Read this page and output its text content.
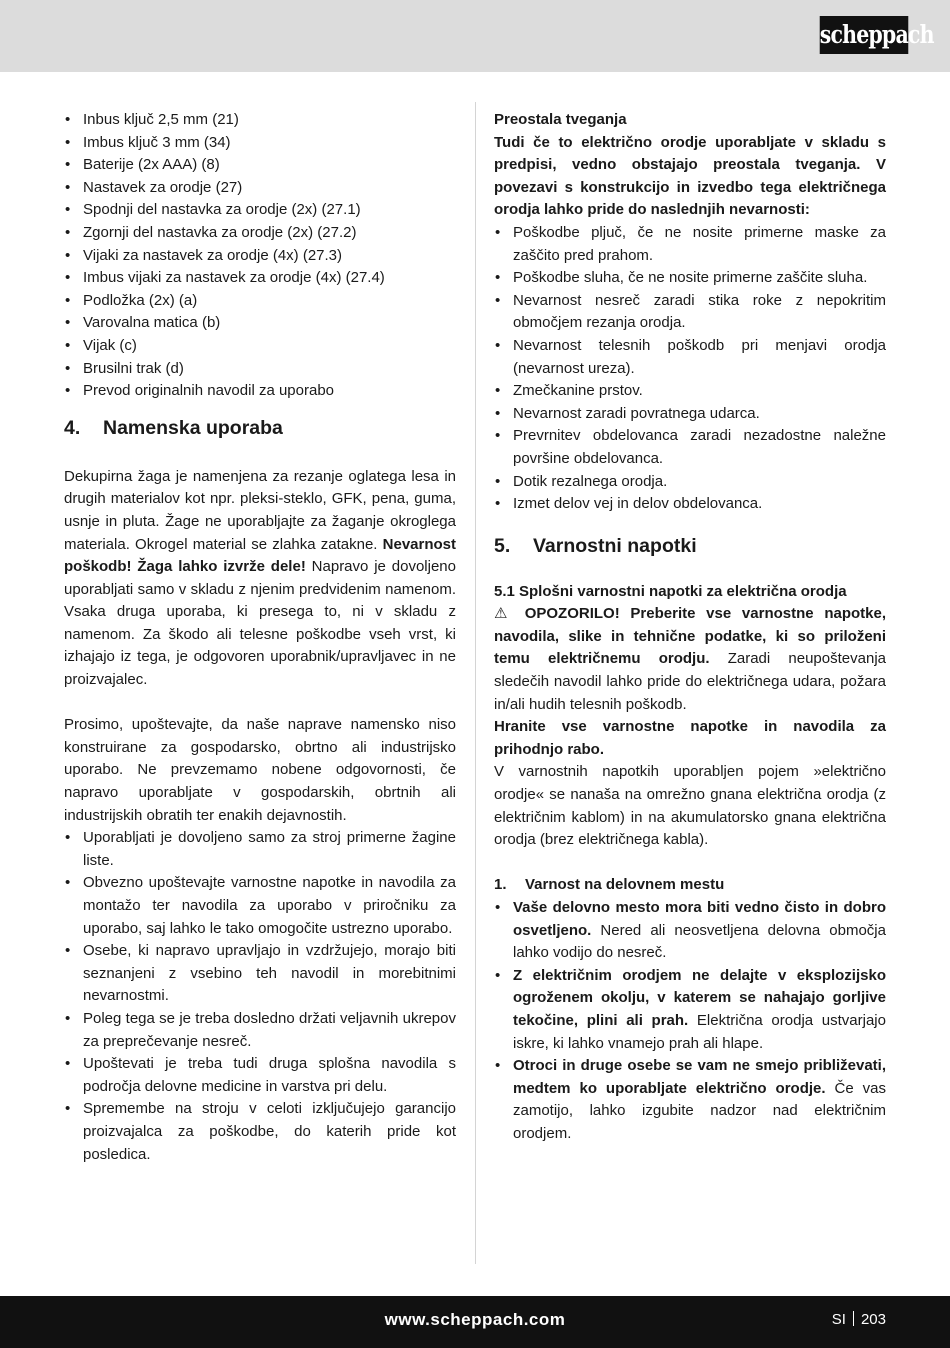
scheppach
• Inbus ključ 2,5 mm (21)
• Imbus ključ 3 mm (34)
• Baterije (2x AAA) (8)
• Nastavek za orodje (27)
• Spodnji del nastavka za orodje (2x) (27.1)
• Zgornji del nastavka za orodje (2x) (27.2)
• Vijaki za nastavek za orodje (4x) (27.3)
• Imbus vijaki za nastavek za orodje (4x) (27.4)
• Podložka (2x) (a)
• Varovalna matica (b)
• Vijak (c)
• Brusilni trak (d)
• Prevod originalnih navodil za uporabo
4. Namenska uporaba
Dekupirna žaga je namenjena za rezanje oglatega lesa in drugih materialov kot npr. pleksi-steklo, GFK, pena, guma, usnje in pluta. Žage ne uporabljajte za žaganje okroglega materiala. Okrogel material se zlahka zatakne. Nevarnost poškodb! Žaga lahko izvrže dele! Napravo je dovoljeno uporabljati samo v skladu z njenim predvidenim namenom. Vsaka druga uporaba, ki presega to, ni v skladu z namenom. Za škodo ali telesne poškodbe vseh vrst, ki izhajajo iz tega, je odgovoren uporabnik/upravljavec in ne proizvajalec.
Prosimo, upoštevajte, da naše naprave namensko niso konstruirane za gospodarsko, obrtno ali industrijsko uporabo. Ne prevzemamo nobene odgovornosti, če napravo uporabljate v gospodarskih, obrtnih ali industrijskih obratih ter enakih dejavnostih.
• Uporabljati je dovoljeno samo za stroj primerne žagine liste.
• Obvezno upoštevajte varnostne napotke in navodila za montažo ter navodila za uporabo v priročniku za uporabo, saj lahko le tako omogočite ustrezno uporabo.
• Osebe, ki napravo upravljajo in vzdržujejo, morajo biti seznanjeni z vsebino teh navodil in morebitnimi nevarnostmi.
• Poleg tega se je treba dosledno držati veljavnih ukrepov za preprečevanje nesreč.
• Upoštevati je treba tudi druga splošna navodila s področja delovne medicine in varstva pri delu.
• Spremembe na stroju v celoti izključujejo garancijo proizvajalca za poškodbe, do katerih pride kot posledica.
Preostala tveganja
Tudi če to električno orodje uporabljate v skladu s predpisi, vedno obstajajo preostala tveganja. V povezavi s konstrukcijo in izvedbo tega električnega orodja lahko pride do naslednjih nevarnosti:
• Poškodbe pljuč, če ne nosite primerne maske za zaščito pred prahom.
• Poškodbe sluha, če ne nosite primerne zaščite sluha.
• Nevarnost nesreč zaradi stika roke z nepokritim območjem rezanja orodja.
• Nevarnost telesnih poškodb pri menjavi orodja (nevarnost ureza).
• Zmečkanine prstov.
• Nevarnost zaradi povratnega udarca.
• Prevrnitev obdelovanca zaradi nezadostne naležne površine obdelovanca.
• Dotik rezalnega orodja.
• Izmet delov vej in delov obdelovanca.
5. Varnostni napotki
5.1 Splošni varnostni napotki za električna orodja
⚠ OPOZORILO! Preberite vse varnostne napotke, navodila, slike in tehnične podatke, ki so priloženi temu električnemu orodju. Zaradi neupoštevanja sledečih navodil lahko pride do električnega udara, požara in/ali hudih telesnih poškodb.
Hranite vse varnostne napotke in navodila za prihodnjo rabo.
V varnostnih napotkih uporabljen pojem »električno orodje« se nanaša na omrežno gnana električna orodja (z električnim kablom) in na akumulatorsko gnana električna orodja (brez električnega kabla).
1. Varnost na delovnem mestu
• Vaše delovno mesto mora biti vedno čisto in dobro osvetljeno. Nered ali neosvetljena delovna območja lahko vodijo do nesreč.
• Z električnim orodjem ne delajte v eksplozijsko ogroženem okolju, v katerem se nahajajo gorljive tekočine, plini ali prah. Električna orodja ustvarjajo iskre, ki lahko vnamejo prah ali hlape.
• Otroci in druge osebe se vam ne smejo približevati, medtem ko uporabljate električno orodje. Če vas zamotijo, lahko izgubite nadzor nad električnim orodjem.
www.scheppach.com	SI 203
